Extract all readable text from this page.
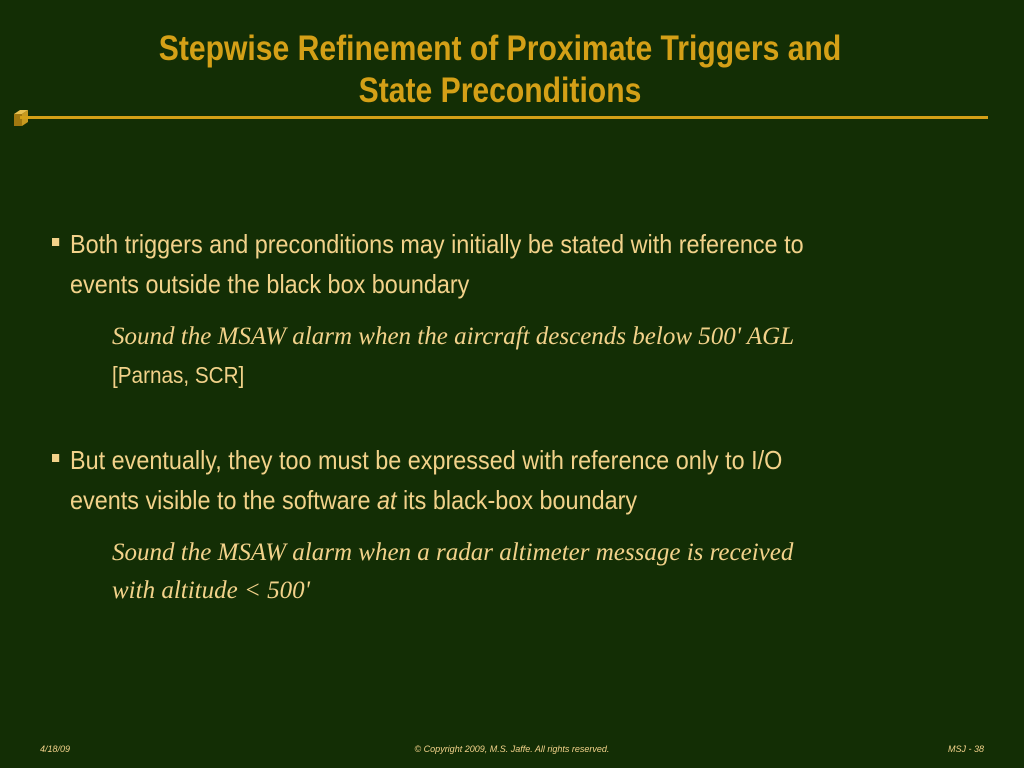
Stepwise Refinement of Proximate Triggers and
State Preconditions
Both triggers and preconditions may initially be stated with reference to
events outside the black box boundary
Sound the MSAW alarm when the aircraft descends below 500' AGL
[Parnas, SCR]
But eventually, they too must be expressed with reference only to I/O
events visible to the software at its black-box boundary
Sound the MSAW alarm when a radar altimeter message is received
with altitude < 500'
4/18/09	© Copyright 2009, M.S. Jaffe. All rights reserved.	MSJ - 38
